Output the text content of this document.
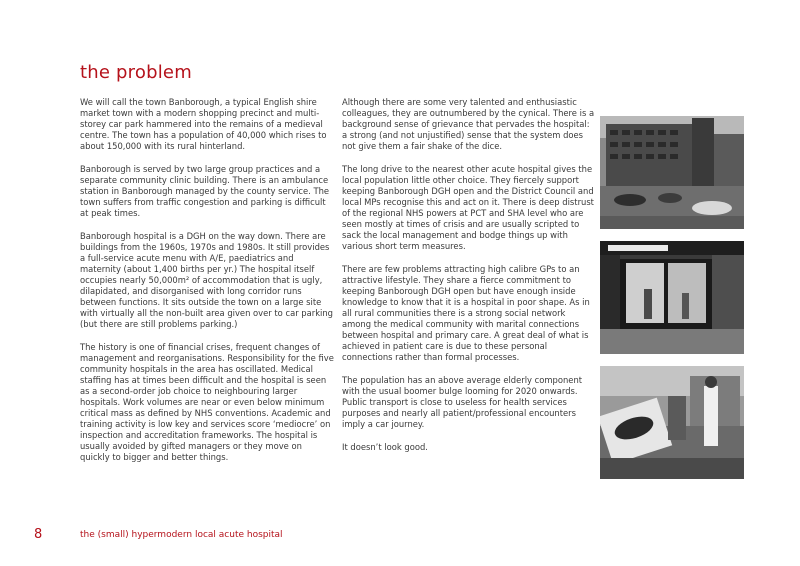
the problem

We will call the town Banborough, a typical English shire market town with a modern shopping precinct and multi-storey car park hammered into the remains of a medieval centre. The town has a population of 40,000 which rises to about 150,000 with its rural hinterland.

Banborough is served by two large group practices and a separate community clinic building. There is an ambulance station in Banborough managed by the county service. The town suffers from traffic congestion and parking is difficult at peak times.

Banborough hospital is a DGH on the way down. There are buildings from the 1960s, 1970s and 1980s. It still provides a full-service acute menu with A/E, paediatrics and maternity (about 1,400 births per yr.) The hospital itself occupies nearly 50,000m² of accommodation that is ugly, dilapidated, and disorganised with long corridor runs between functions. It sits outside the town on a large site with virtually all the non-built area given over to car parking (but there are still problems parking.)

The history is one of financial crises, frequent changes of management and reorganisations. Responsibility for the five community hospitals in the area has oscillated. Medical staffing has at times been difficult and the hospital is seen as a second-order job choice to neighbouring larger hospitals. Work volumes are near or even below minimum critical mass as defined by NHS conventions. Academic and training activity is low key and services score ‘mediocre’ on inspection and accreditation frameworks. The hospital is usually avoided by gifted managers or they move on quickly to bigger and better things.

Although there are some very talented and enthusiastic colleagues, they are outnumbered by the cynical. There is a background sense of grievance that pervades the hospital: a strong (and not unjustified) sense that the system does not give them a fair shake of the dice.

The long drive to the nearest other acute hospital gives the local population little other choice. They fiercely support keeping Banborough DGH open and the District Council and local MPs recognise this and act on it. There is deep distrust of the regional NHS powers at PCT and SHA level who are seen mostly at times of crisis and are usually scripted to sack the local management and bodge things up with various short term measures.

There are few problems attracting high calibre GPs to an attractive lifestyle. They share a fierce commitment to keeping Banborough DGH open but have enough inside knowledge to know that it is a hospital in poor shape. As in all rural communities there is a strong social network among the medical community with marital connections between hospital and primary care. A great deal of what is achieved in patient care is due to these personal connections rather than formal processes.

The population has an above average elderly component with the usual boomer bulge looming for 2020 onwards. Public transport is close to useless for health services purposes and nearly all patient/professional encounters imply a car journey.

It doesn’t look good.

8	the (small) hypermodern local acute hospital
